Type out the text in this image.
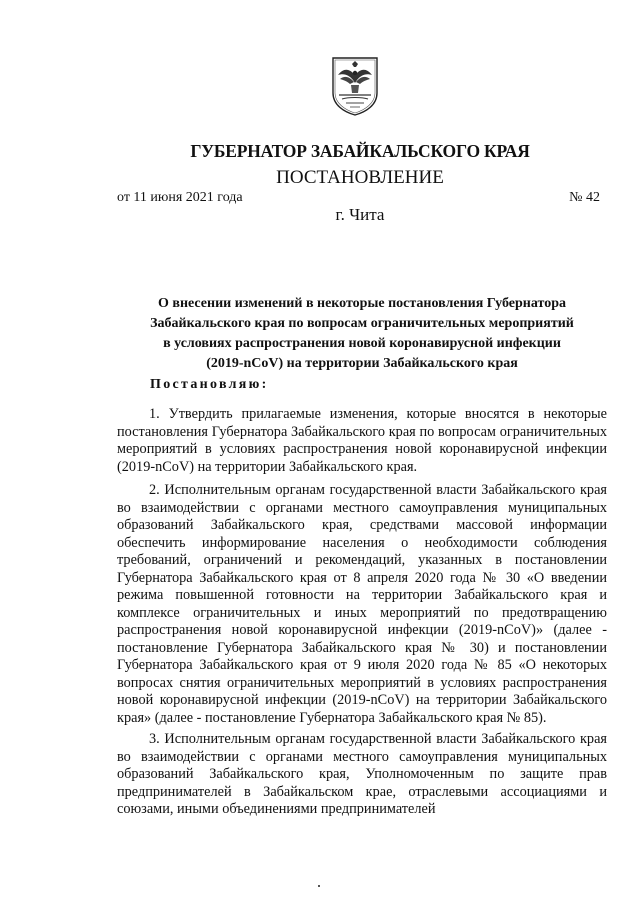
ГУБЕРНАТОР ЗАБАЙКАЛЬСКОГО КРАЯ
ПОСТАНОВЛЕНИЕ
от 11 июня 2021 года	№ 42
г. Чита
О внесении изменений в некоторые постановления Губернатора
Забайкальского края по вопросам ограничительных мероприятий
в условиях распространения новой коронавирусной инфекции
(2019-nCoV) на территории Забайкальского края
Постановляю:

1. Утвердить прилагаемые изменения, которые вносятся в некоторые постановления Губернатора Забайкальского края по вопросам ограничительных мероприятий в условиях распространения новой коронавирусной инфекции (2019-nCoV) на территории Забайкальского края.

2. Исполнительным органам государственной власти Забайкальского края во взаимодействии с органами местного самоуправления муниципальных образований Забайкальского края, средствами массовой информации обеспечить информирование населения о необходимости соблюдения требований, ограничений и рекомендаций, указанных в постановлении Губернатора Забайкальского края от 8 апреля 2020 года № 30 «О введении режима повышенной готовности на территории Забайкальского края и комплексе ограничительных и иных мероприятий по предотвращению распространения новой коронавирусной инфекции (2019-nCoV)» (далее - постановление Губернатора Забайкальского края № 30) и постановлении Губернатора Забайкальского края от 9 июля 2020 года № 85 «О некоторых вопросах снятия ограничительных мероприятий в условиях распространения новой коронавирусной инфекции (2019-nCoV) на территории Забайкальского края» (далее - постановление Губернатора Забайкальского края № 85).

3. Исполнительным органам государственной власти Забайкальского края во взаимодействии с органами местного самоуправления муниципальных образований Забайкальского края, Уполномоченным по защите прав предпринимателей в Забайкальском крае, отраслевыми ассоциациями и союзами, иными объединениями предпринимателей
